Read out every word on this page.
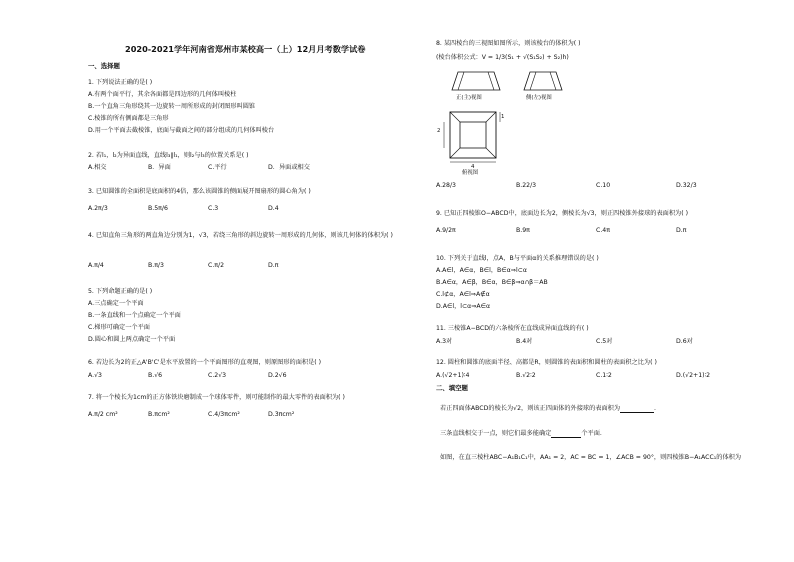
2020-2021学年河南省郑州市某校高一（上）12月月考数学试卷
一、选择题
1. 下列说法正确的是( )
A.有两个面平行，其余各面都是四边形的几何体叫棱柱
B.一个直角三角形绕其一边旋转一周所形成的封闭图形叫圆锥
C.棱锥的所有侧面都是三角形
D.用一个平面去截棱锥，底面与截面之间的部分组成的几何体叫棱台
2. 若l₁，l₂为异面直线，直线l₃∥l₁，则l₂与l₃的位置关系是( )
A.相交	B．异面	C.平行	D．异面或相交
3. 已知圆锥的全面积是底面积的4倍，那么该圆锥的侧面展开图扇形的圆心角为( )
A.2π/3	B.5π/6	C.3	D.4
4. 已知直角三角形的两直角边分别为1，√3，若绕三角形的斜边旋转一周形成的几何体，则该几何体的体积为( )
A.π/4	B.π/3	C.π/2	D.π
5. 下列命题正确的是( )
A.三点确定一个平面
B.一条直线和一个点确定一个平面
C.梯形可确定一个平面
D.圆心和圆上两点确定一个平面
6. 若边长为2的正△A'B'C'是水平放置的一个平面图形的直观图，则原图形的面积是( )
A.√3	B.√6	C.2√3	D.2√6
7. 将一个棱长为1cm的正方体铁块磨制成一个球体零件，则可能制作的最大零件的表面积为( )
A.π/2 cm²	B.πcm²	C.4/3πcm²	D.3πcm²
8. 某四棱台的三视图如图所示，则该棱台的体积为( )
(棱台体积公式：V = 1/3(S₁ + √(S₁S₂) + S₂)h)
正(主)视图	侧(左)视图
2
1
4
俯视图
A.28/3	B.22/3	C.10	D.32/3
9. 已知正四棱锥O−ABCD中，底面边长为2，侧棱长为√3，则正四棱锥外接球的表面积为( )
A.9/2π	B.9π	C.4π	D.π
10. 下列关于直线l，点A，B与平面α的关系推理错误的是( )
A.A∈l，A∈α，B∈l，B∈α⇒l⊂α
B.A∈α，A∈β，B∈α，B∈β⇒α∩β＝AB
C.l⊄α，A∈l⇒A∉α
D.A∈l，l⊂α⇒A∈α
11. 三棱锥A−BCD的六条棱所在直线成异面直线的有( )
A.3对	B.4对	C.5对	D.6对
12. 圆柱和圆锥的底面半径、高都是R，则圆锥的表面积和圆柱的表面积之比为( )
A.(√2+1)∶4	B.√2∶2	C.1∶2	D.(√2+1)∶2
二、填空题
若正四面体ABCD的棱长为√2，则该正四面体的外接球的表面积为	.
三条直线相交于一点，则它们最多能确定	个平面.
如图，在直三棱柱ABC−A₁B₁C₁中，AA₁ = 2，AC = BC = 1，∠ACB = 90°，则四棱锥B−A₁ACC₁的体积为
